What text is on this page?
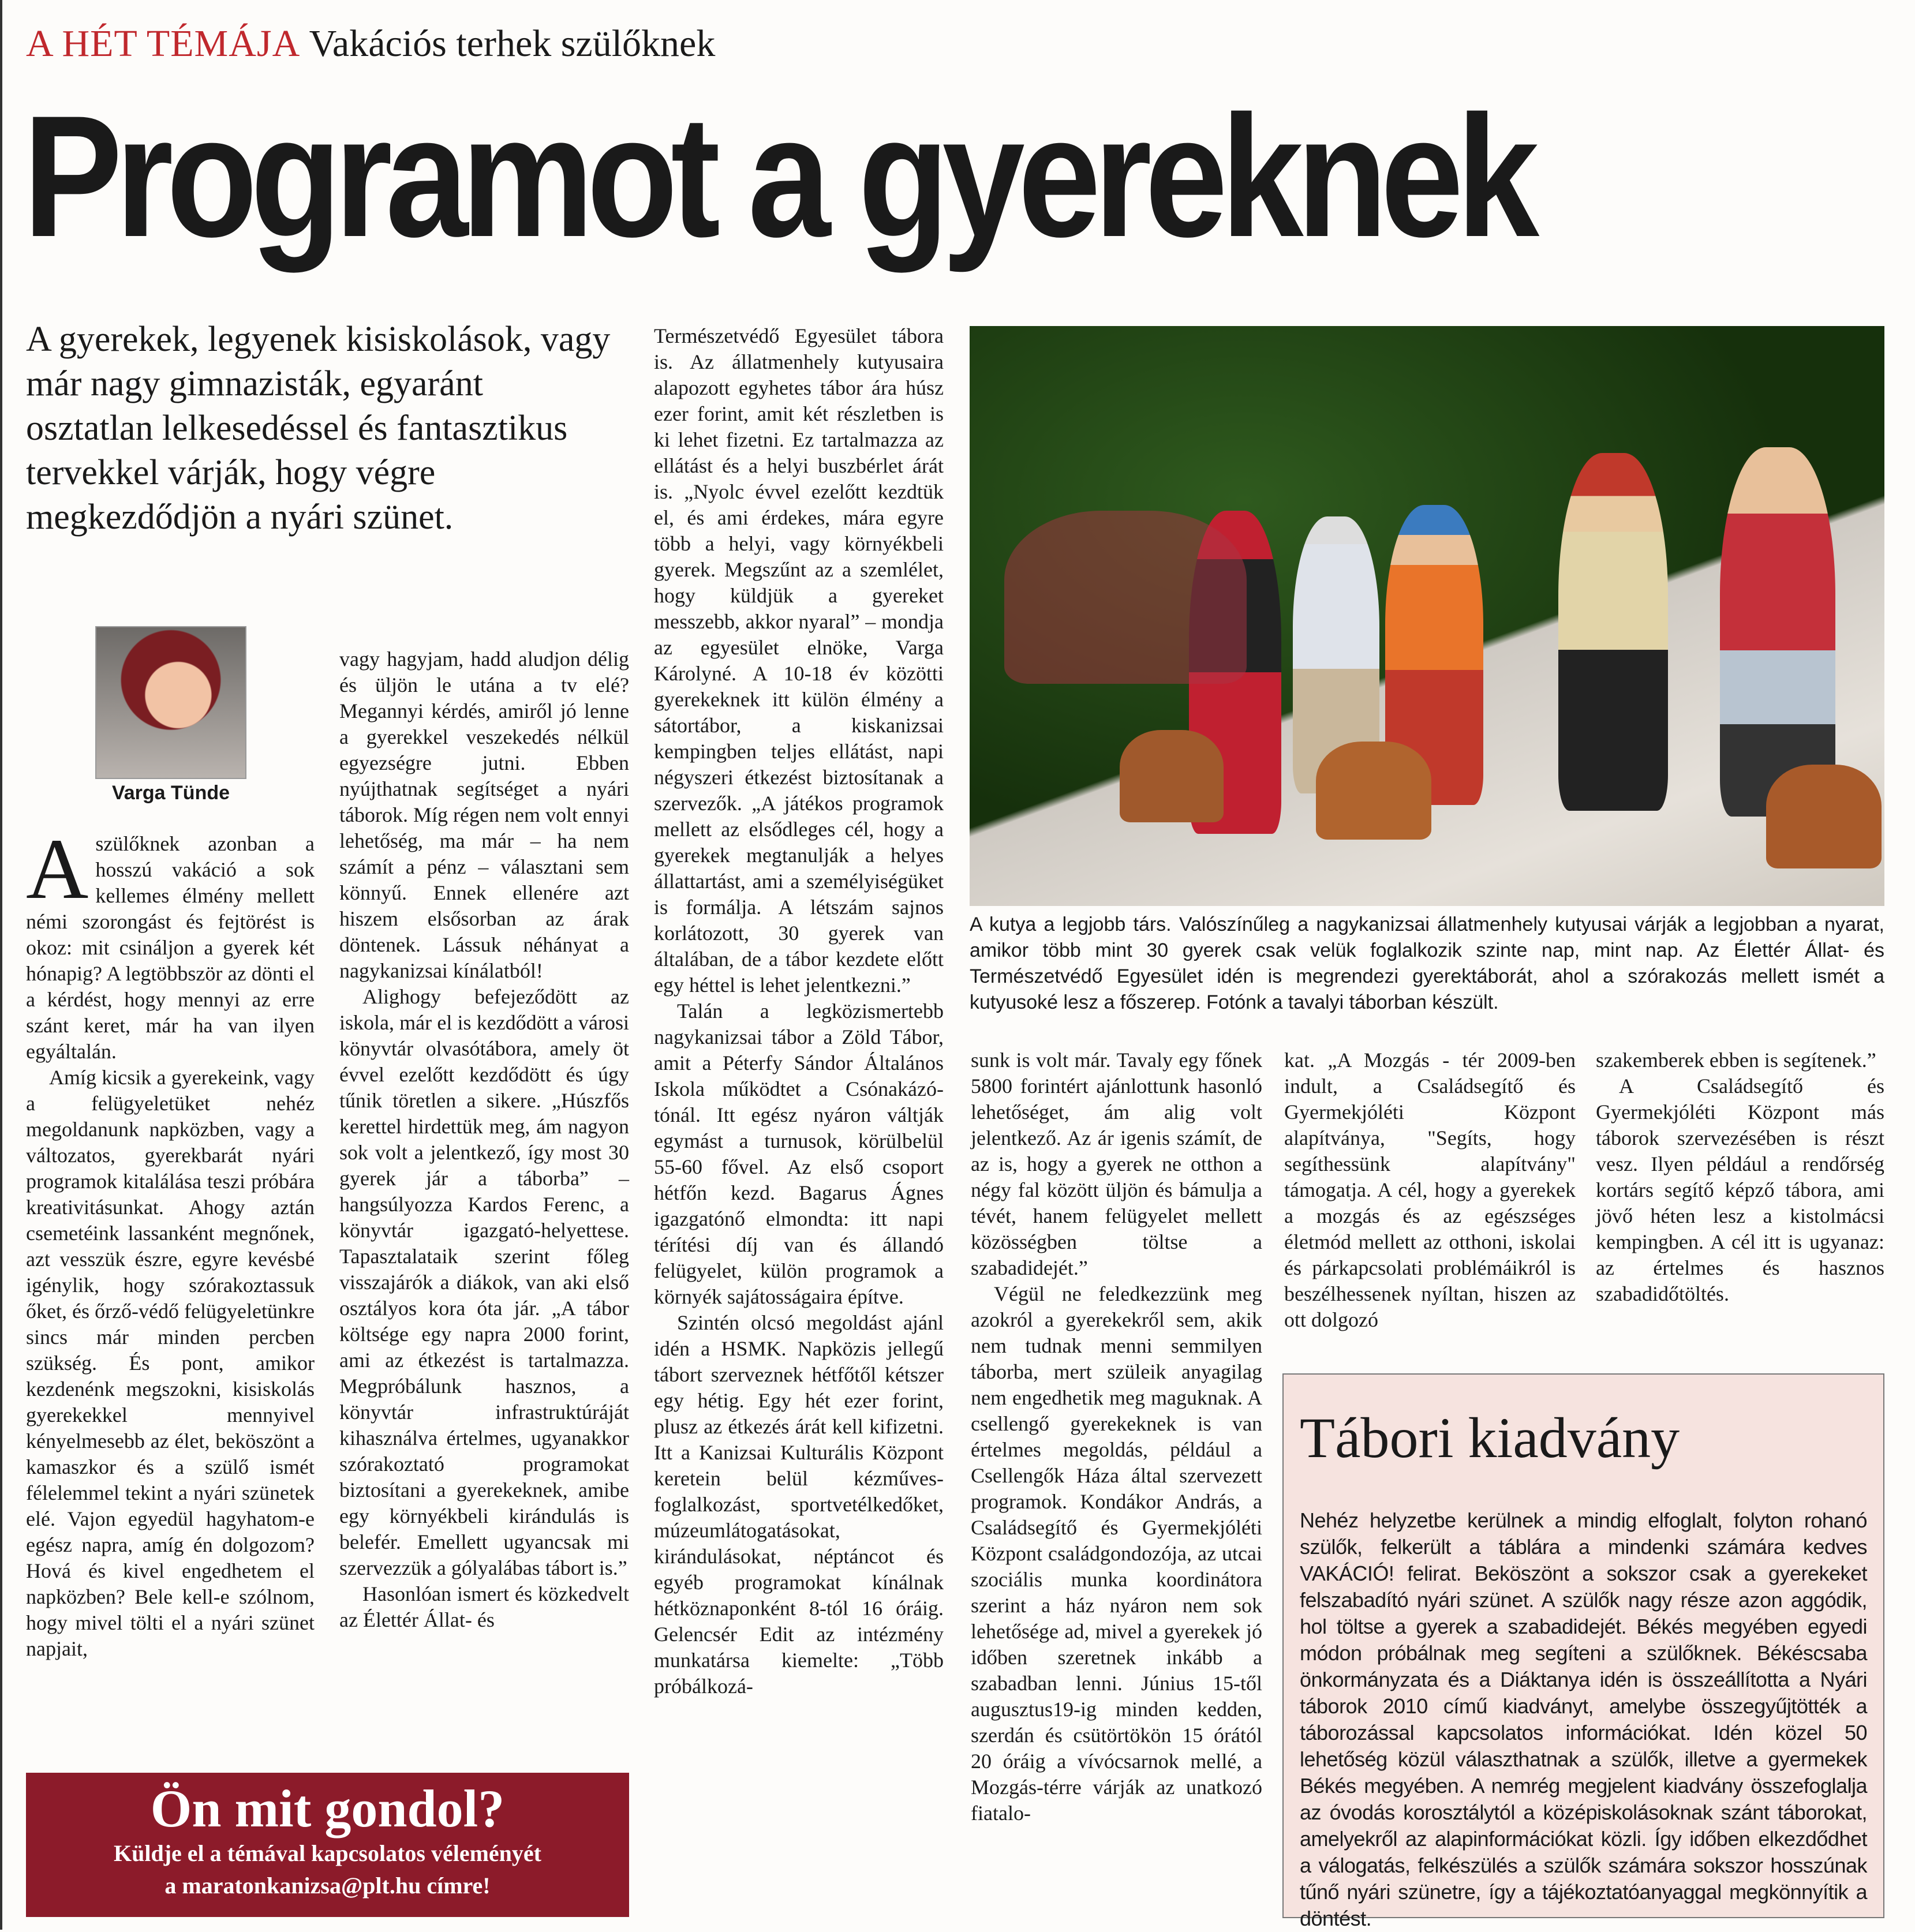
A HÉT TÉMÁJA Vakációs terhek szülőknek
Programot a gyereknek
A gyerekek, legyenek kisiskolások, vagy már nagy gimnazisták, egyaránt osztatlan lelkesedéssel és fantasztikus tervekkel várják, hogy végre megkezdődjön a nyári szünet.
Varga Tünde
A kutya a legjobb társ. Valószínűleg a nagykanizsai állatmenhely kutyusai várják a legjobban a nyarat, amikor több mint 30 gyerek csak velük foglalkozik szinte nap, mint nap. Az Élettér Állat- és Természetvédő Egyesület idén is megrendezi gyerektáborát, ahol a szórakozás mellett ismét a kutyusoké lesz a főszerep. Fotónk a tavalyi táborban készült.

Aszülőknek azonban a hosszú vakáció a sok kellemes élmény mellett némi szorongást és fejtörést is okoz: mit csináljon a gyerek két hónapig? A legtöbbször az dönti el a kérdést, hogy mennyi az erre szánt keret, már ha van ilyen egyáltalán.

Amíg kicsik a gyerekeink, vagy a felügyeletüket nehéz megoldanunk napközben, vagy a változatos, gyerekbarát nyári programok kitalálása teszi próbára kreativitásunkat. Ahogy aztán csemetéink lassanként megnőnek, azt vesszük észre, egyre kevésbé igénylik, hogy szórakoztassuk őket, és őrző-védő felügyeletünkre sincs már minden percben szükség. És pont, amikor kezdenénk megszokni, kisiskolás gyerekekkel mennyivel kényelmesebb az élet, beköszönt a kamaszkor és a szülő ismét félelemmel tekint a nyári szünetek elé. Vajon egyedül hagyhatom-e egész napra, amíg én dolgozom? Hová és kivel engedhetem el napközben? Bele kell-e szólnom, hogy mivel tölti el a nyári szünet napjait,

vagy hagyjam, hadd aludjon délig és üljön le utána a tv elé? Megannyi kérdés, amiről jó lenne a gyerekkel veszekedés nélkül egyezségre jutni. Ebben nyújthatnak segítséget a nyári táborok. Míg régen nem volt ennyi lehetőség, ma már – ha nem számít a pénz – választani sem könnyű. Ennek ellenére azt hiszem elsősorban az árak döntenek. Lássuk néhányat a nagykanizsai kínálatból!

Alighogy befejeződött az iskola, már el is kezdődött a városi könyvtár olvasótábora, amely öt évvel ezelőtt kezdődött és úgy tűnik töretlen a sikere. „Húszfős kerettel hirdettük meg, ám nagyon sok volt a jelentkező, így most 30 gyerek jár a táborba” – hangsúlyozza Kardos Ferenc, a könyvtár igazgató-helyettese. Tapasztalataik szerint főleg visszajárók a diákok, van aki első osztályos kora óta jár. „A tábor költsége egy napra 2000 forint, ami az étkezést is tartalmazza. Megpróbálunk hasznos, a könyvtár infrastruktúráját kihasználva értelmes, ugyanakkor szórakoztató programokat biztosítani a gyerekeknek, amibe egy környékbeli kirándulás is belefér. Emellett ugyancsak mi szervezzük a gólyalábas tábort is.”

Hasonlóan ismert és közkedvelt az Élettér Állat- és

Természetvédő Egyesület tábora is. Az állatmenhely kutyusaira alapozott egyhetes tábor ára húsz ezer forint, amit két részletben is ki lehet fizetni. Ez tartalmazza az ellátást és a helyi buszbérlet árát is. „Nyolc évvel ezelőtt kezdtük el, és ami érdekes, mára egyre több a helyi, vagy környékbeli gyerek. Megszűnt az a szemlélet, hogy küldjük a gyereket messzebb, akkor nyaral” – mondja az egyesület elnöke, Varga Károlyné. A 10-18 év közötti gyerekeknek itt külön élmény a sátortábor, a kiskanizsai kempingben teljes ellátást, napi négyszeri étkezést biztosítanak a szervezők. „A játékos programok mellett az elsődleges cél, hogy a gyerekek megtanulják a helyes állattartást, ami a személyiségüket is formálja. A létszám sajnos korlátozott, 30 gyerek van általában, de a tábor kezdete előtt egy héttel is lehet jelentkezni.”

Talán a legközismertebb nagykanizsai tábor a Zöld Tábor, amit a Péterfy Sándor Általános Iskola működtet a Csónakázó-tónál. Itt egész nyáron váltják egymást a turnusok, körülbelül 55-60 fővel. Az első csoport hétfőn kezd. Bagarus Ágnes igazgatónő elmondta: itt napi térítési díj van és állandó felügyelet, külön programok a környék sajátosságaira építve.

Szintén olcsó megoldást ajánl idén a HSMK. Napközis jellegű tábort szerveznek hétfőtől kétszer egy hétig. Egy hét ezer forint, plusz az étkezés árát kell kifizetni. Itt a Kanizsai Kulturális Központ keretein belül kézműves-foglalkozást, sportvetélkedőket, múzeumlátogatásokat, kirándulásokat, néptáncot és egyéb programokat kínálnak hétköznaponként 8-tól 16 óráig. Gelencsér Edit az intézmény munkatársa kiemelte: „Több próbálkozá-

sunk is volt már. Tavaly egy főnek 5800 forintért ajánlottunk hasonló lehetőséget, ám alig volt jelentkező. Az ár igenis számít, de az is, hogy a gyerek ne otthon a négy fal között üljön és bámulja a tévét, hanem felügyelet mellett közösségben töltse a szabadidejét.”

Végül ne feledkezzünk meg azokról a gyerekekről sem, akik nem tudnak menni semmilyen táborba, mert szüleik anyagilag nem engedhetik meg maguknak. A csellengő gyerekeknek is van értelmes megoldás, például a Csellengők Háza által szervezett programok. Kondákor András, a Családsegítő és Gyermekjóléti Központ családgondozója, az utcai szociális munka koordinátora szerint a ház nyáron nem sok lehetősége ad, mivel a gyerekek jó időben szeretnek inkább a szabadban lenni. Június 15-től augusztus19-ig minden kedden, szerdán és csütörtökön 15 órától 20 óráig a vívócsarnok mellé, a Mozgás-térre várják az unatkozó fiatalo-

kat. „A Mozgás - tér 2009-ben indult, a Családsegítő és Gyermekjóléti Központ alapítványa, "Segíts, hogy segíthessünk alapítvány" támogatja. A cél, hogy a gyerekek a mozgás és az egészséges életmód mellett az otthoni, iskolai és párkapcsolati problémáikról is beszélhessenek nyíltan, hiszen az ott dolgozó

szakemberek ebben is segítenek.”

A Családsegítő és Gyermekjóléti Központ más táborok szervezésében is részt vesz. Ilyen például a rendőrség kortárs segítő képző tábora, ami jövő héten lesz a kistolmácsi kempingben. A cél itt is ugyanaz: az értelmes és hasznos szabadidőtöltés.

Ön mit gondol?
Küldje el a témával kapcsolatos véleményét
a maratonkanizsa@plt.hu címre!
Tábori kiadvány
Nehéz helyzetbe kerülnek a mindig elfoglalt, folyton rohanó szülők, felkerült a táblára a mindenki számára kedves VAKÁCIÓ! felirat. Beköszönt a sokszor csak a gyerekeket felszabadító nyári szünet. A szülők nagy része azon aggódik, hol töltse a gyerek a szabadidejét. Békés megyében egyedi módon próbálnak meg segíteni a szülőknek. Békéscsaba önkormányzata és a Diáktanya idén is összeállította a Nyári táborok 2010 című kiadványt, amelybe összegyűjtötték a táborozással kapcsolatos információkat. Idén közel 50 lehetőség közül választhatnak a szülők, illetve a gyermekek Békés megyében. A nemrég megjelent kiadvány összefoglalja az óvodás korosztálytól a középiskolásoknak szánt táborokat, amelyekről az alapinformációkat közli. Így időben elkezdődhet a válogatás, felkészülés a szülők számára sokszor hosszúnak tűnő nyári szünetre, így a tájékoztatóanyaggal megkönnyítik a döntést.
